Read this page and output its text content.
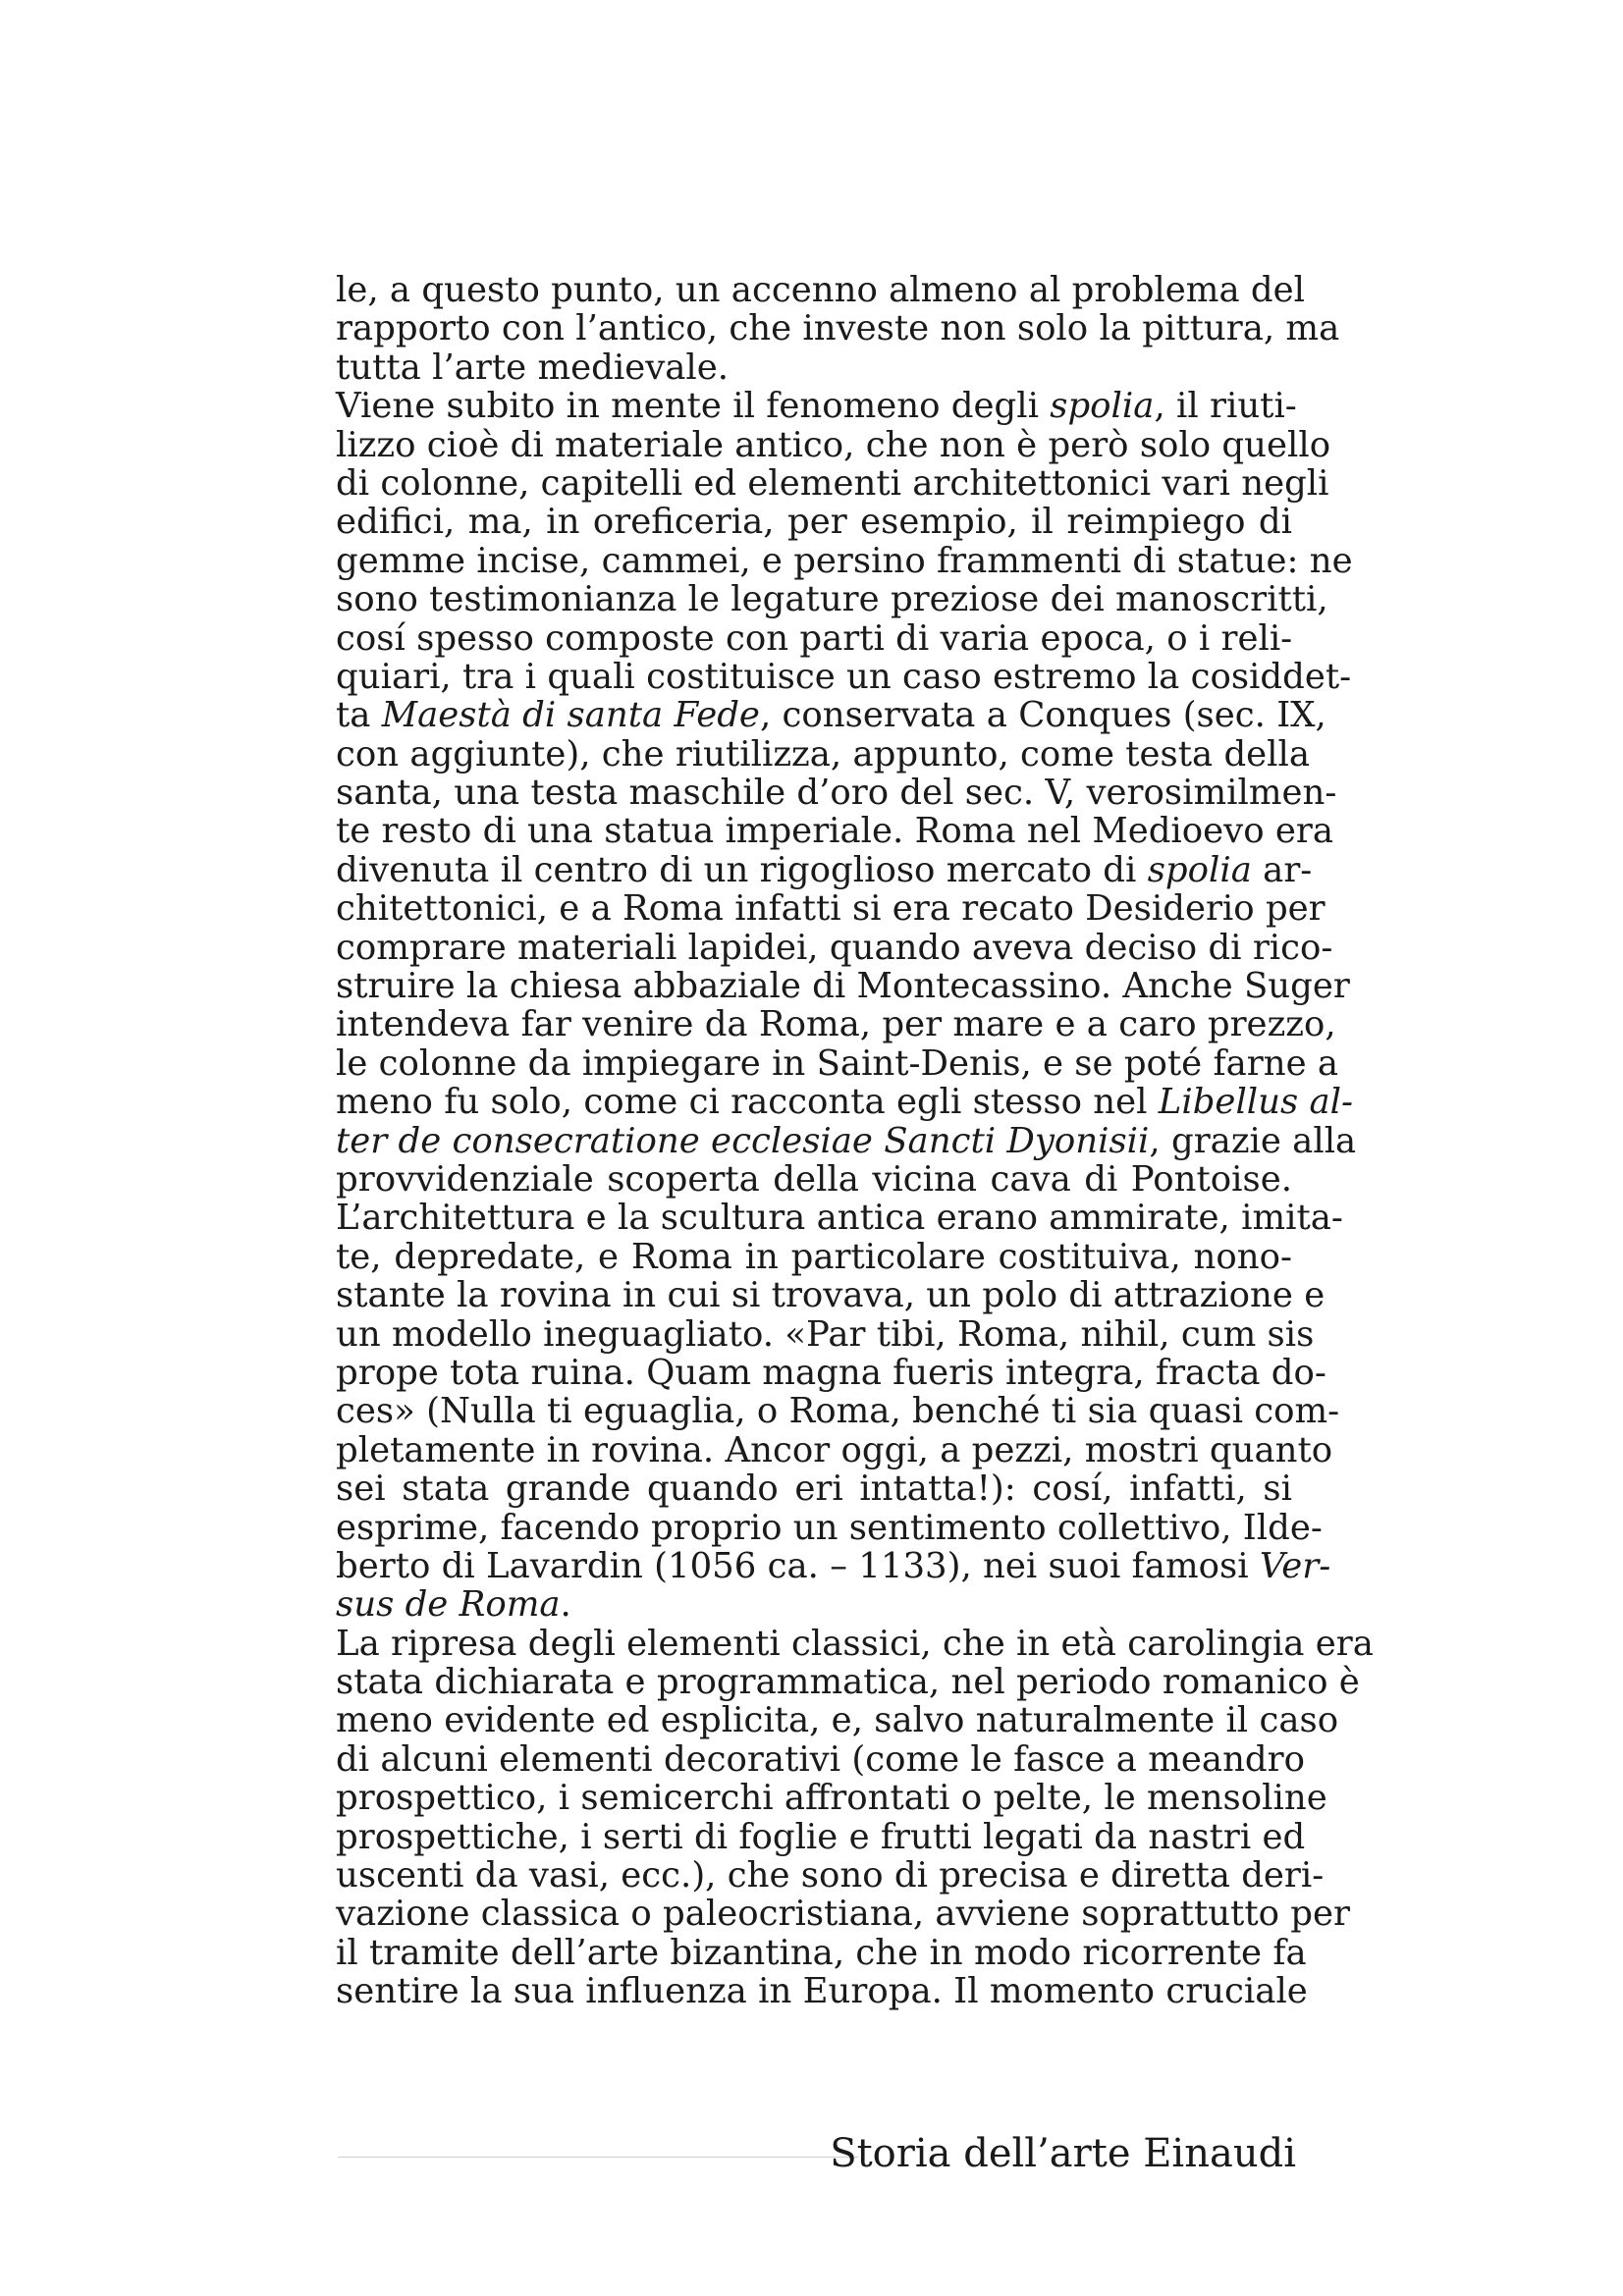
le, a questo punto, un accenno almeno al problema del
rapporto con l’antico, che investe non solo la pittura, ma
tutta l’arte medievale.
Viene subito in mente il fenomeno degli spolia, il riuti-
lizzo cioè di materiale antico, che non è però solo quello
di colonne, capitelli ed elementi architettonici vari negli
edifici, ma, in oreficeria, per esempio, il reimpiego di
gemme incise, cammei, e persino frammenti di statue: ne
sono testimonianza le legature preziose dei manoscritti,
cosí spesso composte con parti di varia epoca, o i reli-
quiari, tra i quali costituisce un caso estremo la cosiddet-
ta Maestà di santa Fede, conservata a Conques (sec. IX,
con aggiunte), che riutilizza, appunto, come testa della
santa, una testa maschile d’oro del sec. V, verosimilmen-
te resto di una statua imperiale. Roma nel Medioevo era
divenuta il centro di un rigoglioso mercato di spolia ar-
chitettonici, e a Roma infatti si era recato Desiderio per
comprare materiali lapidei, quando aveva deciso di rico-
struire la chiesa abbaziale di Montecassino. Anche Suger
intendeva far venire da Roma, per mare e a caro prezzo,
le colonne da impiegare in Saint-Denis, e se poté farne a
meno fu solo, come ci racconta egli stesso nel Libellus al-
ter de consecratione ecclesiae Sancti Dyonisii, grazie alla
provvidenziale scoperta della vicina cava di Pontoise.
L’architettura e la scultura antica erano ammirate, imita-
te, depredate, e Roma in particolare costituiva, nono-
stante la rovina in cui si trovava, un polo di attrazione e
un modello ineguagliato. «Par tibi, Roma, nihil, cum sis
prope tota ruina. Quam magna fueris integra, fracta do-
ces» (Nulla ti eguaglia, o Roma, benché ti sia quasi com-
pletamente in rovina. Ancor oggi, a pezzi, mostri quanto
sei stata grande quando eri intatta!): cosí, infatti, si
esprime, facendo proprio un sentimento collettivo, Ilde-
berto di Lavardin (1056 ca. – 1133), nei suoi famosi Ver-
sus de Roma.
La ripresa degli elementi classici, che in età carolingia era
stata dichiarata e programmatica, nel periodo romanico è
meno evidente ed esplicita, e, salvo naturalmente il caso
di alcuni elementi decorativi (come le fasce a meandro
prospettico, i semicerchi affrontati o pelte, le mensoline
prospettiche, i serti di foglie e frutti legati da nastri ed
uscenti da vasi, ecc.), che sono di precisa e diretta deri-
vazione classica o paleocristiana, avviene soprattutto per
il tramite dell’arte bizantina, che in modo ricorrente fa
sentire la sua influenza in Europa. Il momento cruciale
Storia dell’arte Einaudi
